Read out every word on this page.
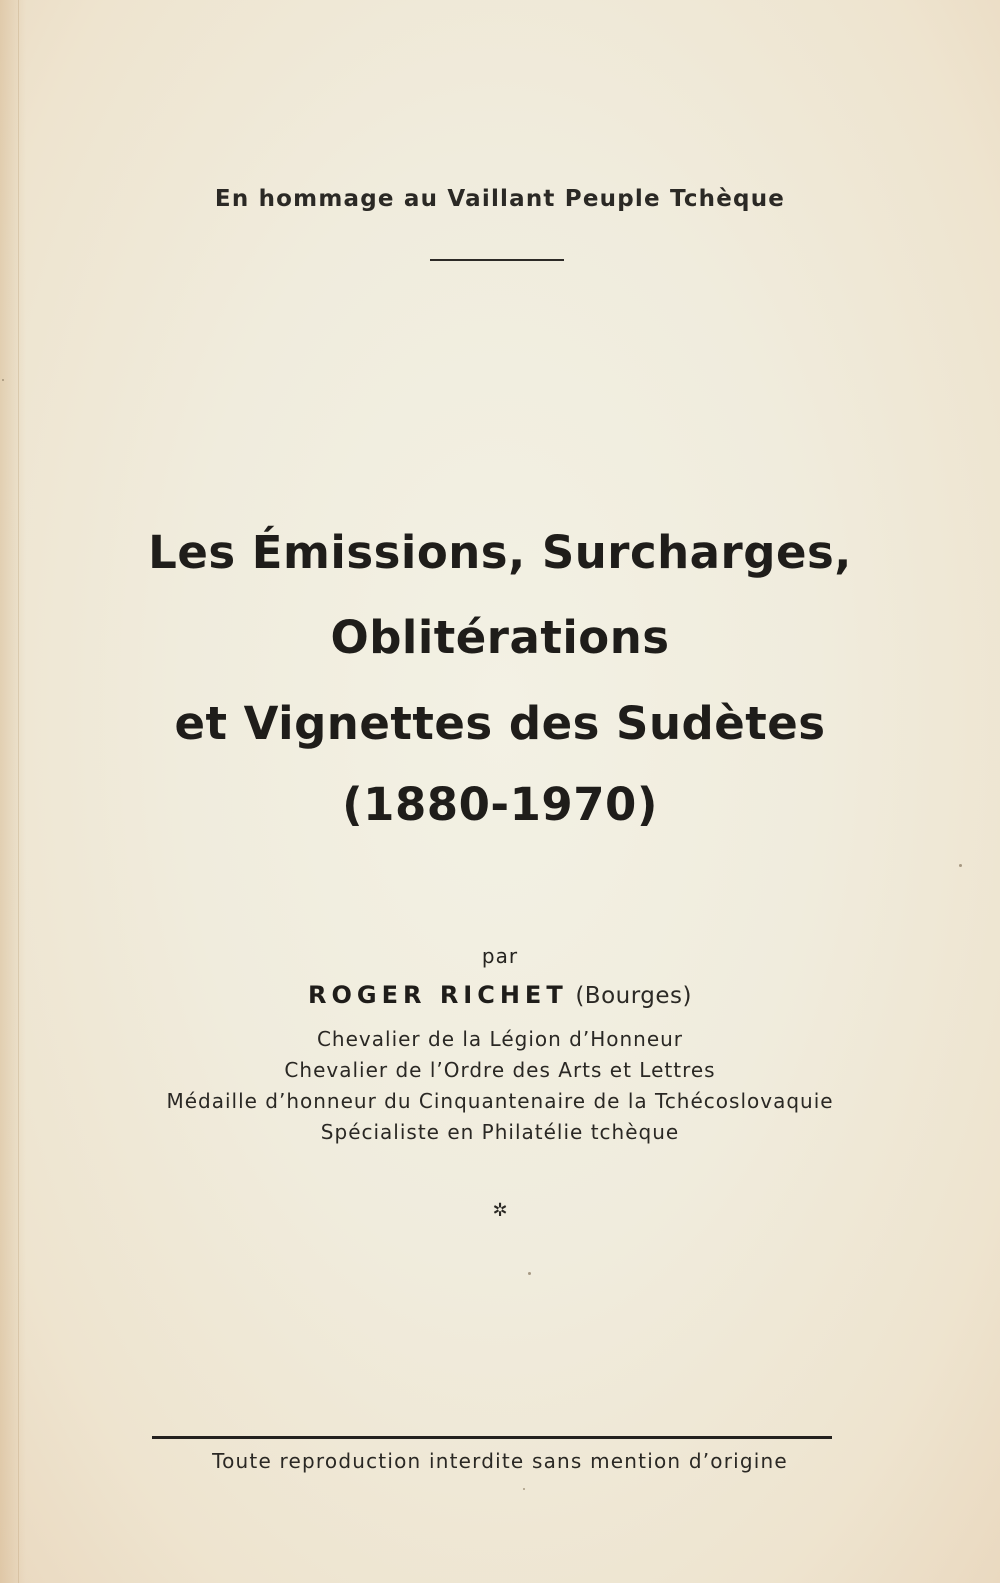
En hommage au Vaillant Peuple Tchèque
Les Émissions, Surcharges,
Oblitérations
et Vignettes des Sudètes
(1880-1970)
par
ROGER RICHET (Bourges)
Chevalier de la Légion d’Honneur
Chevalier de l’Ordre des Arts et Lettres
Médaille d’honneur du Cinquantenaire de la Tchécoslovaquie
Spécialiste en Philatélie tchèque
✲
Toute reproduction interdite sans mention d’origine
